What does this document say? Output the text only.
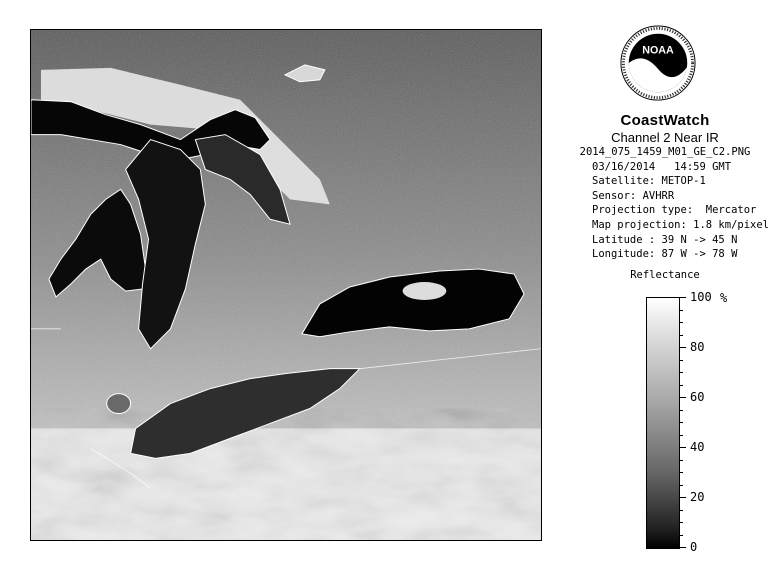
NOAA
CoastWatch
Channel 2 Near IR
2014_075_1459_M01_GE_C2.PNG
03/16/2014   14:59 GMT
Satellite: METOP-1
Sensor: AVHRR
Projection type:  Mercator
Map projection: 1.8 km/pixel
Latitude : 39 N -> 45 N
Longitude: 87 W -> 78 W
Reflectance
%
100
80
60
40
20
0
